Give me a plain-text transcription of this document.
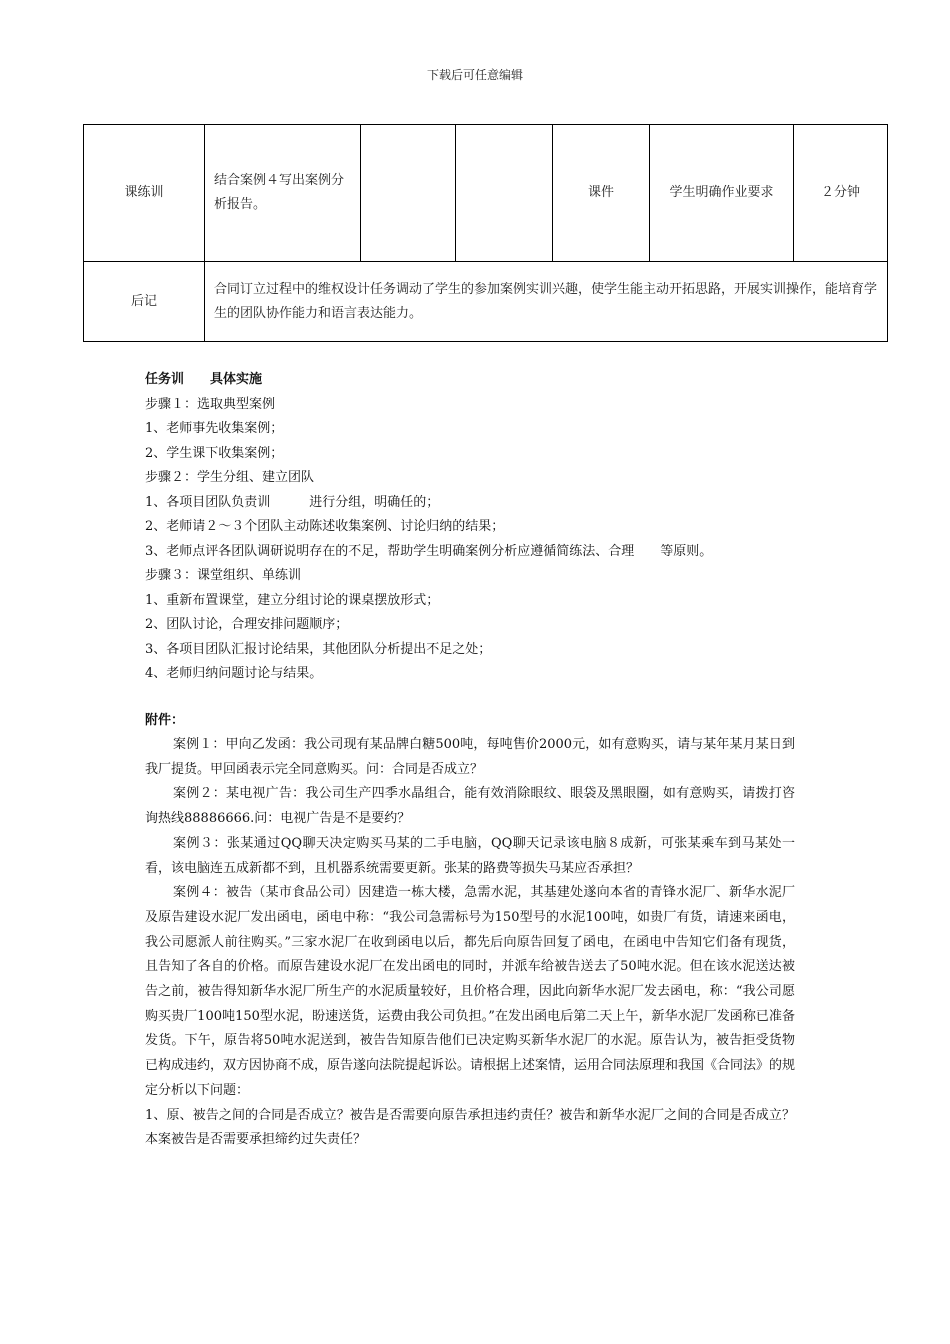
下载后可任意编辑
课练训	结合案例４写出案例分析报告。			课件	学生明确作业要求	２分钟
后记	合同订立过程中的维权设计任务调动了学生的参加案例实训兴趣，使学生能主动开拓思路，开展实训操作，能培育学生的团队协作能力和语言表达能力。					
任务训　　具体实施
步骤１：选取典型案例
1、老师事先收集案例；
2、学生课下收集案例；
步骤２：学生分组、建立团队
1、各项目团队负责训　　　进行分组，明确任的；
2、老师请２～３个团队主动陈述收集案例、讨论归纳的结果；
3、老师点评各团队调研说明存在的不足，帮助学生明确案例分析应遵循简练法、合理　　等原则。
步骤３：课堂组织、单练训
1、重新布置课堂，建立分组讨论的课桌摆放形式；
2、团队讨论，合理安排问题顺序；
3、各项目团队汇报讨论结果，其他团队分析提出不足之处；
4、老师归纳问题讨论与结果。
附件：
案例１：甲向乙发函：我公司现有某品牌白糖500吨，每吨售价2000元，如有意购买，请与某年某月某日到我厂提货。甲回函表示完全同意购买。问：合同是否成立？
案例２：某电视广告：我公司生产四季水晶组合，能有效消除眼纹、眼袋及黑眼圈，如有意购买，请拨打咨询热线88886666.问：电视广告是不是要约？
案例３：张某通过QQ聊天决定购买马某的二手电脑，QQ聊天记录该电脑８成新，可张某乘车到马某处一看，该电脑连五成新都不到，且机器系统需要更新。张某的路费等损失马某应否承担？
案例４：被告（某市食品公司）因建造一栋大楼，急需水泥，其基建处遂向本省的青锋水泥厂、新华水泥厂及原告建设水泥厂发出函电，函电中称：“我公司急需标号为150型号的水泥100吨，如贵厂有货，请速来函电，我公司愿派人前往购买。”三家水泥厂在收到函电以后，都先后向原告回复了函电，在函电中告知它们备有现货，且告知了各自的价格。而原告建设水泥厂在发出函电的同时，并派车给被告送去了50吨水泥。但在该水泥送达被告之前，被告得知新华水泥厂所生产的水泥质量较好，且价格合理，因此向新华水泥厂发去函电，称：“我公司愿购买贵厂100吨150型水泥，盼速送货，运费由我公司负担。”在发出函电后第二天上午，新华水泥厂发函称已准备发货。下午，原告将50吨水泥送到，被告告知原告他们已决定购买新华水泥厂的水泥。原告认为，被告拒受货物已构成违约，双方因协商不成，原告遂向法院提起诉讼。请根据上述案情，运用合同法原理和我国《合同法》的规定分析以下问题：
1、原、被告之间的合同是否成立？被告是否需要向原告承担违约责任？被告和新华水泥厂之间的合同是否成立？本案被告是否需要承担缔约过失责任？
